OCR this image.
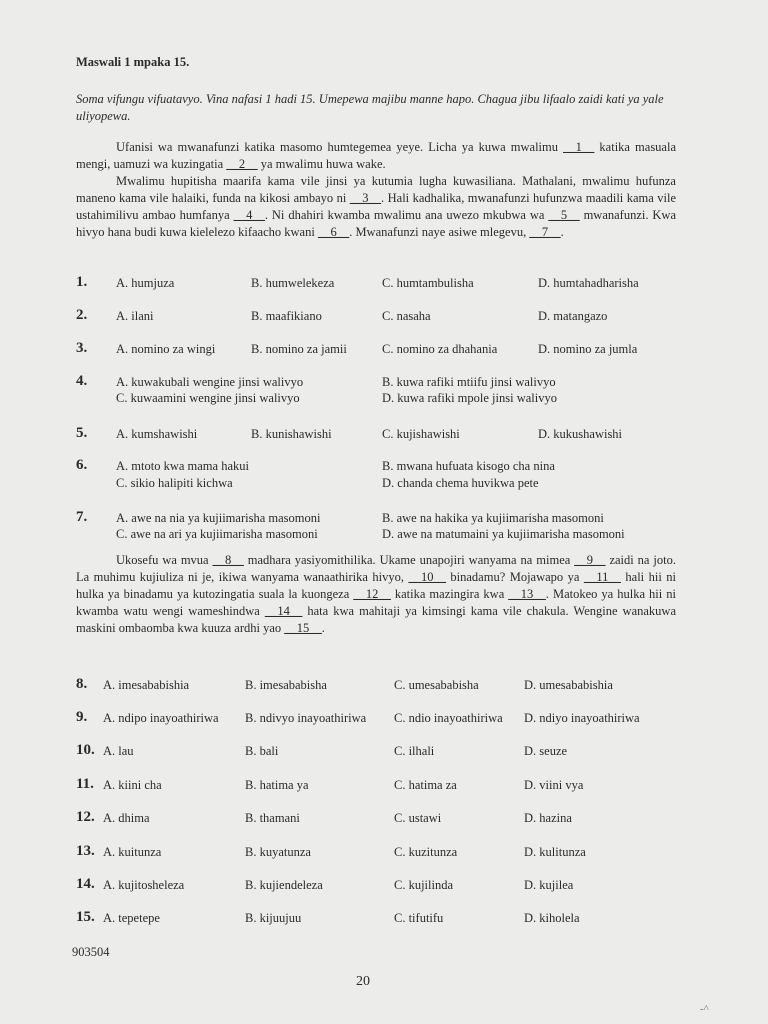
Maswali 1 mpaka 15.
Soma vifungu vifuatavyo. Vina nafasi 1 hadi 15. Umepewa majibu manne hapo. Chagua jibu lifaalo zaidi kati ya yale uliyopewa.

Ufanisi wa mwanafunzi katika masomo humtegemea yeye. Licha ya kuwa mwalimu __1__ katika masuala mengi, uamuzi wa kuzingatia __2__ ya mwalimu huwa wake.

Mwalimu hupitisha maarifa kama vile jinsi ya kutumia lugha kuwasiliana. Mathalani, mwalimu hufunza maneno kama vile halaiki, funda na kikosi ambayo ni __3__. Hali kadhalika, mwanafunzi hufunzwa maadili kama vile ustahimilivu ambao humfanya __4__. Ni dhahiri kwamba mwalimu ana uwezo mkubwa wa __5__ mwanafunzi. Kwa hivyo hana budi kuwa kielelezo kifaacho kwani __6__. Mwanafunzi naye asiwe mlegevu, __7__.

1.	A. humjuza	B. humwelekeza	C. humtambulisha	D. humtahadharisha
2.	A. ilani	B. maafikiano	C. nasaha	D. matangazo
3.	A. nomino za wingi	B. nomino za jamii	C. nomino za dhahania	D. nomino za jumla
4.	A. kuwakubali wengine jinsi walivyo	B. kuwa rafiki mtiifu jinsi walivyo
C. kuwaamini wengine jinsi walivyo	D. kuwa rafiki mpole jinsi walivyo
5.	A. kumshawishi	B. kunishawishi	C. kujishawishi	D. kukushawishi
6.	A. mtoto kwa mama hakui	B. mwana hufuata kisogo cha nina
C. sikio halipiti kichwa	D. chanda chema huvikwa pete
7.	A. awe na nia ya kujiimarisha masomoni	B. awe na hakika ya kujiimarisha masomoni
C. awe na ari ya kujiimarisha masomoni	D. awe na matumaini ya kujiimarisha masomoni

Ukosefu wa mvua __8__ madhara yasiyomithilika. Ukame unapojiri wanyama na mimea __9__ zaidi na joto. La muhimu kujiuliza ni je, ikiwa wanyama wanaathirika hivyo, __10__ binadamu? Mojawapo ya __11__ hali hii ni hulka ya binadamu ya kutozingatia suala la kuongeza __12__ katika mazingira kwa __13__. Matokeo ya hulka hii ni kwamba watu wengi wameshindwa __14__ hata kwa mahitaji ya kimsingi kama vile chakula. Wengine wanakuwa maskini ombaomba kwa kuuza ardhi yao __15__.

8.	A. imesababishia	B. imesababisha	C. umesababisha	D. umesababishia
9.	A. ndipo inayoathiriwa B. ndivyo inayoathiriwa C. ndio inayoathiriwa D. ndiyo inayoathiriwa
10. A. lau	B. bali	C. ilhali	D. seuze
11. A. kiini cha	B. hatima ya	C. hatima za	D. viini vya
12. A. dhima	B. thamani	C. ustawi	D. hazina
13. A. kuitunza	B. kuyatunza	C. kuzitunza	D. kulitunza
14. A. kujitosheleza	B. kujiendeleza	C. kujilinda	D. kujilea
15. A. tepetepe	B. kijuujuu	C. tifutifu	D. kiholela
903504
20
-^
